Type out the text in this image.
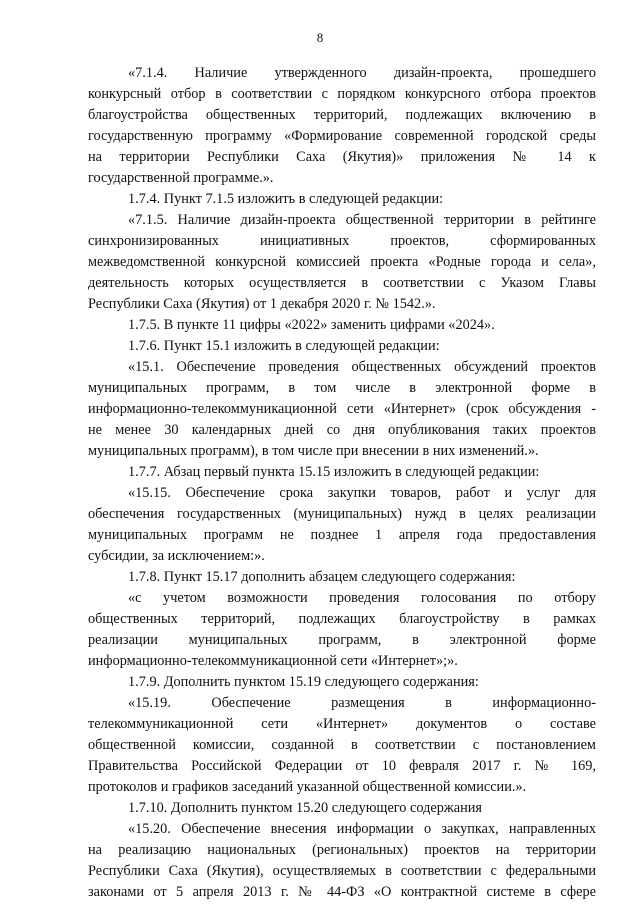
8
«7.1.4. Наличие утвержденного дизайн-проекта, прошедшего
конкурсный отбор в соответствии с порядком конкурсного отбора проектов
благоустройства общественных территорий, подлежащих включению в
государственную программу «Формирование современной городской среды
на территории Республики Саха (Якутия)» приложения № 14 к
государственной программе.».
1.7.4. Пункт 7.1.5 изложить в следующей редакции:
«7.1.5. Наличие дизайн-проекта общественной территории в рейтинге
синхронизированных инициативных проектов, сформированных
межведомственной конкурсной комиссией проекта «Родные города и села»,
деятельность которых осуществляется в соответствии с Указом Главы
Республики Саха (Якутия) от 1 декабря 2020 г. № 1542.».
1.7.5. В пункте 11 цифры «2022» заменить цифрами «2024».
1.7.6. Пункт 15.1 изложить в следующей редакции:
«15.1. Обеспечение проведения общественных обсуждений проектов
муниципальных программ, в том числе в электронной форме в
информационно-телекоммуникационной сети «Интернет» (срок обсуждения -
не менее 30 календарных дней со дня опубликования таких проектов
муниципальных программ), в том числе при внесении в них изменений.».
1.7.7. Абзац первый пункта 15.15 изложить в следующей редакции:
«15.15. Обеспечение срока закупки товаров, работ и услуг для
обеспечения государственных (муниципальных) нужд в целях реализации
муниципальных программ не позднее 1 апреля года предоставления
субсидии, за исключением:».
1.7.8. Пункт 15.17 дополнить абзацем следующего содержания:
«с учетом возможности проведения голосования по отбору
общественных территорий, подлежащих благоустройству в рамках
реализации муниципальных программ, в электронной форме
информационно-телекоммуникационной сети «Интернет»;».
1.7.9. Дополнить пунктом 15.19 следующего содержания:
«15.19. Обеспечение размещения в информационно-
телекоммуникационной сети «Интернет» документов о составе
общественной комиссии, созданной в соответствии с постановлением
Правительства Российской Федерации от 10 февраля 2017 г. № 169,
протоколов и графиков заседаний указанной общественной комиссии.».
1.7.10. Дополнить пунктом 15.20 следующего содержания
«15.20. Обеспечение внесения информации о закупках, направленных
на реализацию национальных (региональных) проектов на территории
Республики Саха (Якутия), осуществляемых в соответствии с федеральными
законами от 5 апреля 2013 г. № 44-ФЗ «О контрактной системе в сфере
